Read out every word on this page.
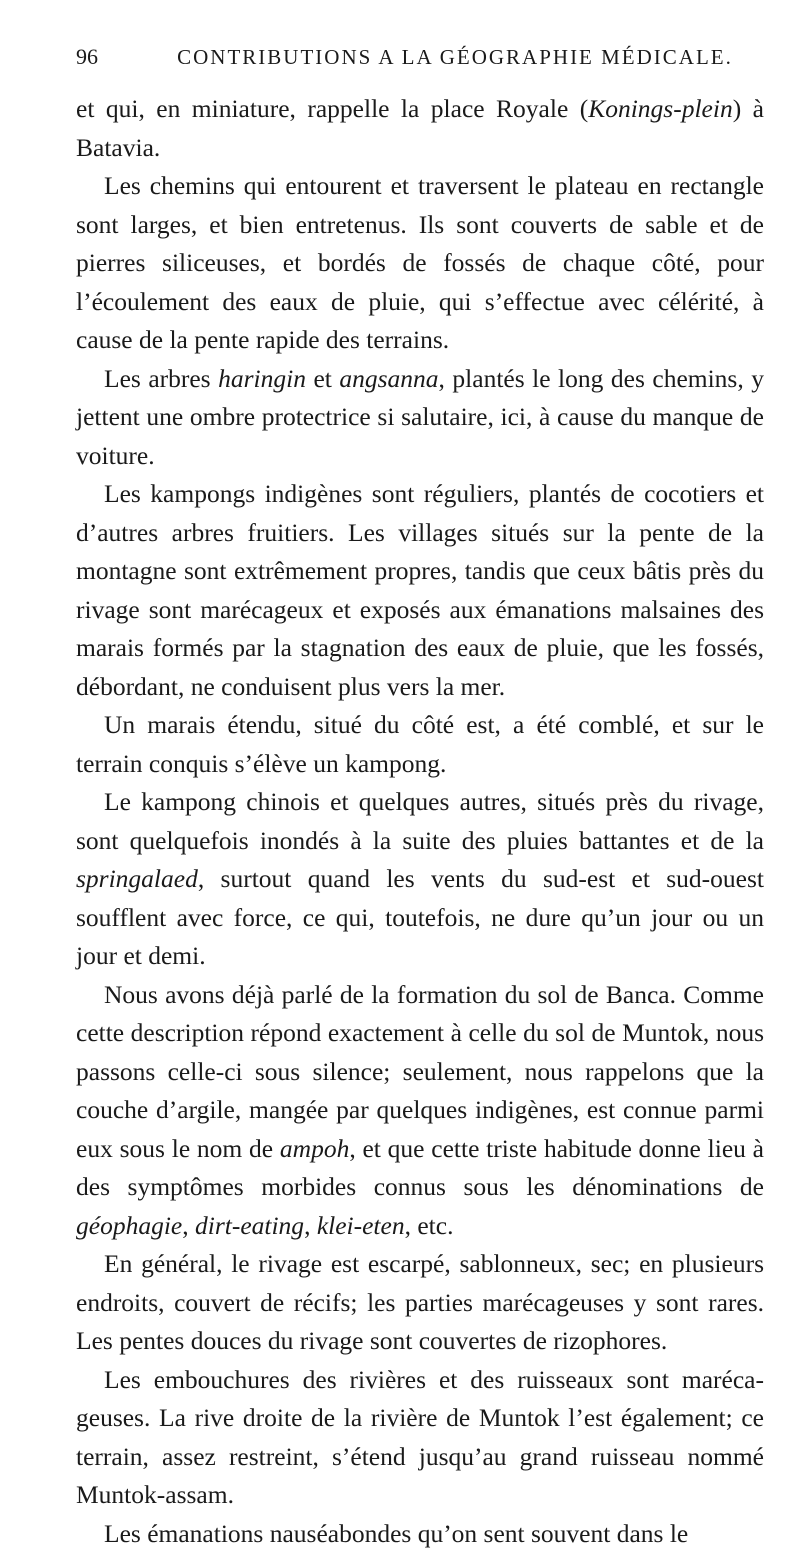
96	CONTRIBUTIONS A LA GÉOGRAPHIE MÉDICALE.

et qui, en miniature, rappelle la place Royale (Konings-plein) à Batavia.

Les chemins qui entourent et traversent le plateau en rectangle sont larges, et bien entretenus. Ils sont couverts de sable et de pierres siliceuses, et bordés de fossés de chaque côté, pour l’écoulement des eaux de pluie, qui s’effectue avec célérité, à cause de la pente rapide des terrains.

Les arbres haringin et angsanna, plantés le long des chemins, y jettent une ombre protectrice si salutaire, ici, à cause du manque de voiture.

Les kampongs indigènes sont réguliers, plantés de cocotiers et d’autres arbres fruitiers. Les villages situés sur la pente de la montagne sont extrêmement propres, tandis que ceux bâtis près du rivage sont marécageux et exposés aux émanations malsaines des marais formés par la stagnation des eaux de pluie, que les fossés, débordant, ne conduisent plus vers la mer.

Un marais étendu, situé du côté est, a été comblé, et sur le terrain conquis s’élève un kampong.

Le kampong chinois et quelques autres, situés près du rivage, sont quelquefois inondés à la suite des pluies battantes et de la springalaed, surtout quand les vents du sud-est et sud-ouest soufflent avec force, ce qui, toutefois, ne dure qu’un jour ou un jour et demi.

Nous avons déjà parlé de la formation du sol de Banca. Comme cette description répond exactement à celle du sol de Muntok, nous passons celle-ci sous silence; seulement, nous rappelons que la couche d’argile, mangée par quelques indigènes, est connue parmi eux sous le nom de ampoh, et que cette triste habitude donne lieu à des symptômes morbides connus sous les dénominations de géophagie, dirt-eating, klei-eten, etc.

En général, le rivage est escarpé, sablonneux, sec; en plusieurs endroits, couvert de récifs; les parties marécageuses y sont rares. Les pentes douces du rivage sont couvertes de rizophores.

Les embouchures des rivières et des ruisseaux sont marécageuses. La rive droite de la rivière de Muntok l’est également; ce terrain, assez restreint, s’étend jusqu’au grand ruisseau nommé Muntok-assam.

Les émanations nauséabondes qu’on sent souvent dans le
